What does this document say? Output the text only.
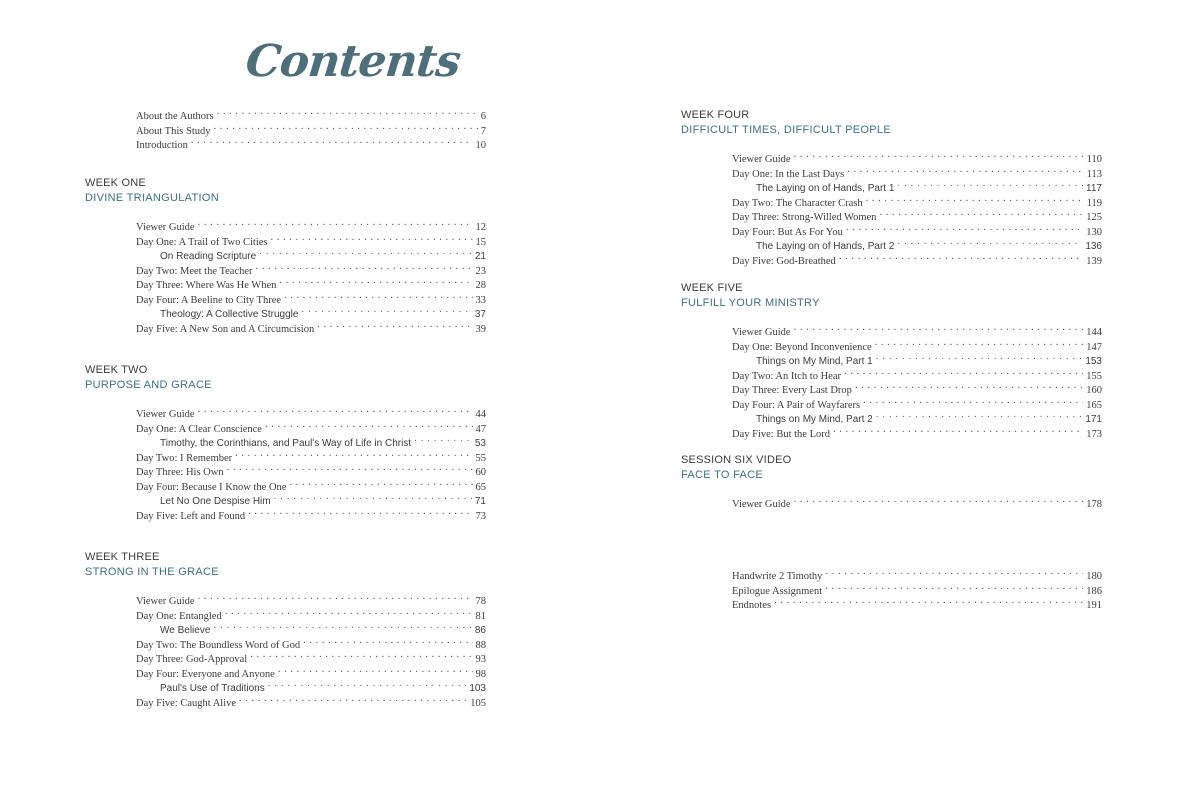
Contents
About the Authors . . .	6
About This Study . . .	7
Introduction . . .	10
WEEK ONE
DIVINE TRIANGULATION
Viewer Guide . . .	12
Day One: A Trail of Two Cities . . .	15
On Reading Scripture . . .	21
Day Two: Meet the Teacher . . .	23
Day Three: Where Was He When . . .	28
Day Four: A Beeline to City Three . . .	33
Theology: A Collective Struggle . . .	37
Day Five: A New Son and A Circumcision . . .	39
WEEK TWO
PURPOSE AND GRACE
Viewer Guide . . .	44
Day One: A Clear Conscience . . .	47
Timothy, the Corinthians, and Paul's Way of Life in Christ . . .	53
Day Two: I Remember . . .	55
Day Three: His Own . . .	60
Day Four: Because I Know the One . . .	65
Let No One Despise Him . . .	71
Day Five: Left and Found . . .	73
WEEK THREE
STRONG IN THE GRACE
Viewer Guide . . .	78
Day One: Entangled . . .	81
We Believe . . .	86
Day Two: The Boundless Word of God . . .	88
Day Three: God-Approval . . .	93
Day Four: Everyone and Anyone . . .	98
Paul's Use of Traditions . . .	103
Day Five: Caught Alive . . .	105
WEEK FOUR
DIFFICULT TIMES, DIFFICULT PEOPLE
Viewer Guide . . .	110
Day One: In the Last Days . . .	113
The Laying on of Hands, Part 1 . . .	117
Day Two: The Character Crash . . .	119
Day Three: Strong-Willed Women . . .	125
Day Four: But As For You . . .	130
The Laying on of Hands, Part 2 . . .	136
Day Five: God-Breathed . . .	139
WEEK FIVE
FULFILL YOUR MINISTRY
Viewer Guide . . .	144
Day One: Beyond Inconvenience . . .	147
Things on My Mind, Part 1 . . .	153
Day Two: An Itch to Hear . . .	155
Day Three: Every Last Drop . . .	160
Day Four: A Pair of Wayfarers . . .	165
Things on My Mind, Part 2 . . .	171
Day Five: But the Lord . . .	173
SESSION SIX VIDEO
FACE TO FACE
Viewer Guide . . .	178
Handwrite 2 Timothy . . .	180
Epilogue Assignment . . .	186
Endnotes . . .	191
